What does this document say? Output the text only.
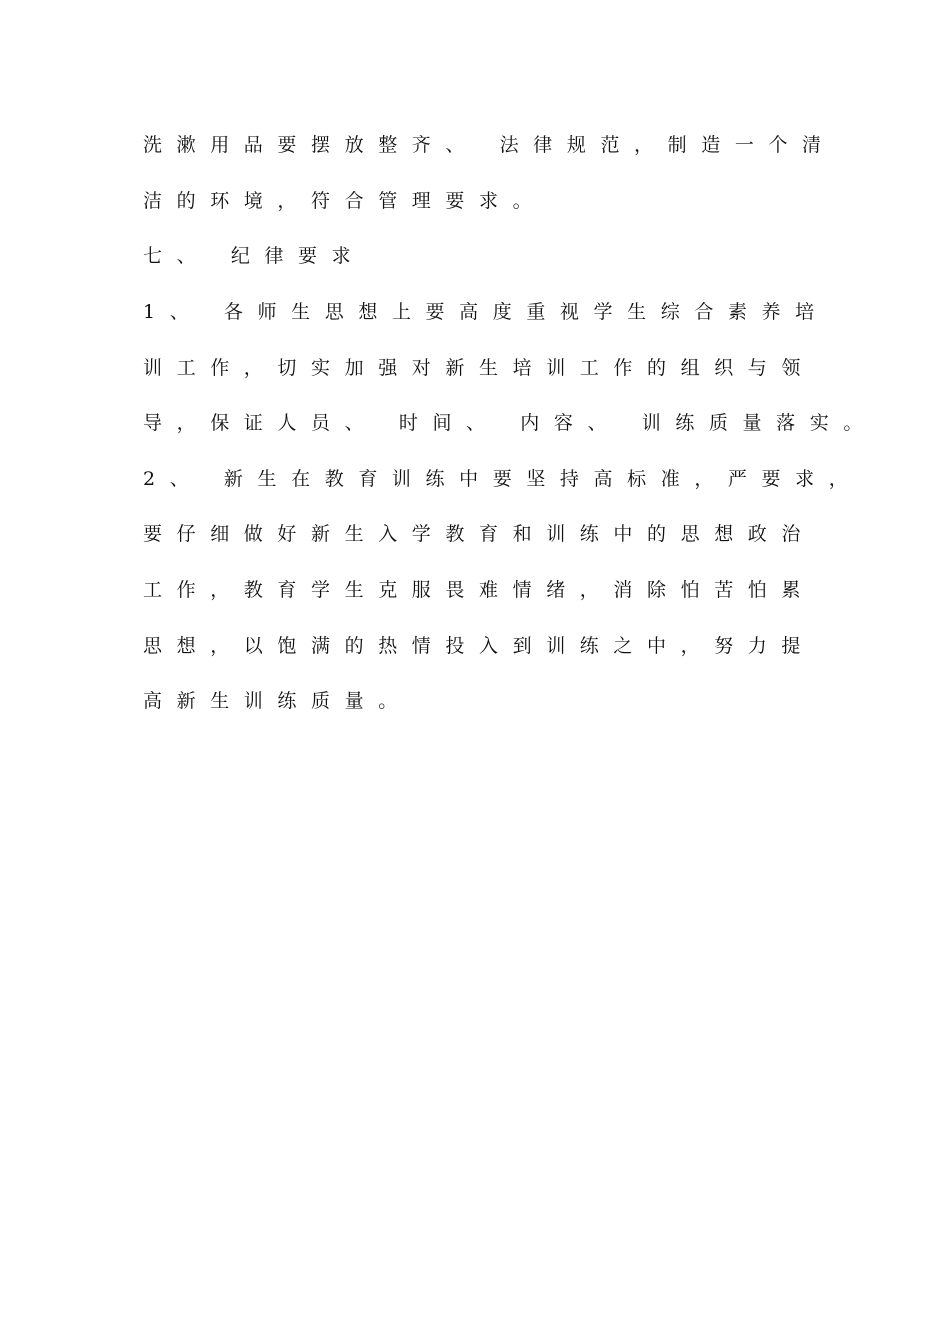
洗漱用品要摆放整齐、 法律规范，制造一个清
洁的环境，符合管理要求。
七、 纪律要求
1、 各师生思想上要高度重视学生综合素养培
训工作，切实加强对新生培训工作的组织与领
导，保证人员、 时间、 内容、 训练质量落实。
2、 新生在教育训练中要坚持高标准，严要求，
要仔细做好新生入学教育和训练中的思想政治
工作，教育学生克服畏难情绪，消除怕苦怕累
思想，以饱满的热情投入到训练之中，努力提
高新生训练质量。
